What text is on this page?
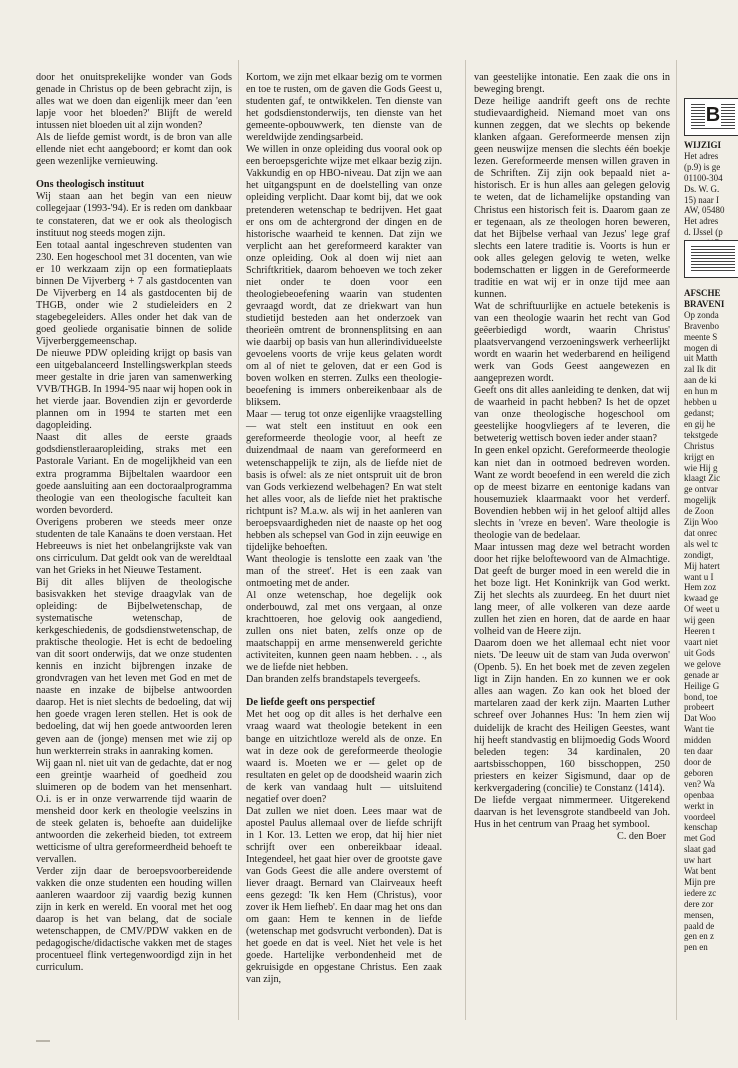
door het onuitsprekelijke wonder van Gods genade in Christus op de been gebracht zijn, is alles wat we doen dan eigenlijk meer dan 'een lapje voor het bloeden?' Blijft de wereld intussen niet bloeden uit al zijn wonden?

Als de liefde gemist wordt, is de bron van alle ellende niet echt aangeboord; er komt dan ook geen wezenlijke vernieuwing.

Ons theologisch instituut

Wij staan aan het begin van een nieuw collegejaar (1993-'94). Er is reden om dankbaar te constateren, dat we er ook als theologisch instituut nog steeds mogen zijn.

Een totaal aantal ingeschreven studenten van 230. Een hogeschool met 31 docenten, van wie er 10 werkzaam zijn op een formatieplaats binnen De Vijverberg + 7 als gastdocenten van De Vijverberg en 14 als gastdocenten bij de THGB, onder wie 2 studieleiders en 2 stagebegeleiders. Alles onder het dak van de goed geoliede organisatie binnen de solide Vijverberggemeenschap.

De nieuwe PDW opleiding krijgt op basis van een uitgebalanceerd Instellingswerkplan steeds meer gestalte in drie jaren van samenwerking VVB/THGB. In 1994-'95 naar wij hopen ook in het vierde jaar. Bovendien zijn er gevorderde plannen om in 1994 te starten met een dagopleiding.

Naast dit alles de eerste graads godsdienstleraaropleiding, straks met een Pastorale Variant. En de mogelijkheid van een extra programma Bijbeltalen waardoor een goede aansluiting aan een doctoraalprogramma theologie van een theologische faculteit kan worden bevorderd.

Overigens proberen we steeds meer onze studenten de tale Kanaäns te doen verstaan. Het Hebreeuws is niet het onbelangrijkste vak van ons cirriculum. Dat geldt ook van de wereldtaal van het Grieks in het Nieuwe Testament.

Bij dit alles blijven de theologische basisvakken het stevige draagvlak van de opleiding: de Bijbelwetenschap, de systematische wetenschap, de kerkgeschiedenis, de godsdienstwetenschap, de praktische theologie. Het is echt de bedoeling van dit soort onderwijs, dat we onze studenten kennis en inzicht bijbrengen inzake de grondvragen van het leven met God en met de naaste en inzake de bijbelse antwoorden daarop. Het is niet slechts de bedoeling, dat wij hen goede vragen leren stellen. Het is ook de bedoeling, dat wij hen goede antwoorden leren geven aan de (jonge) mensen met wie zij op hun werkterrein straks in aanraking komen.

Wij gaan nl. niet uit van de gedachte, dat er nog een greintje waarheid of goedheid zou sluimeren op de bodem van het mensenhart. O.i. is er in onze verwarrende tijd waarin de mensheid door kerk en theologie veelszins in de steek gelaten is, behoefte aan duidelijke antwoorden die zekerheid bieden, tot extreem wetticisme of ultra gereformeerdheid behoeft te vervallen.

Verder zijn daar de beroepsvoorbereidende vakken die onze studenten een houding willen aanleren waardoor zij vaardig bezig kunnen zijn in kerk en wereld. En vooral met het oog daarop is het van belang, dat de sociale wetenschappen, de CMV/PDW vakken en de pedagogische/didactische vakken met de stages procentueel flink vertegenwoordigd zijn in het curriculum.

Kortom, we zijn met elkaar bezig om te vormen en toe te rusten, om de gaven die Gods Geest u, studenten gaf, te ontwikkelen. Ten dienste van het godsdienstonderwijs, ten dienste van het gemeente-opbouwwerk, ten dienste van de wereldwijde zendingsarbeid.

We willen in onze opleiding dus vooral ook op een beroepsgerichte wijze met elkaar bezig zijn. Vakkundig en op HBO-niveau. Dat zijn we aan het uitgangspunt en de doelstelling van onze opleiding verplicht. Daar komt bij, dat we ook pretenderen wetenschap te bedrijven. Het gaat er ons om de achtergrond der dingen en de historische waarheid te kennen. Dat zijn we verplicht aan het gereformeerd karakter van onze opleiding. Ook al doen wij niet aan Schriftkritiek, daarom behoeven we toch zeker niet onder te doen voor een theologiebeoefening waarin van studenten gevraagd wordt, dat ze driekwart van hun studietijd besteden aan het onderzoek van theorieën omtrent de bronnensplitsing en aan wie daarbij op basis van hun allerindividueelste gevoelens voorts de vrije keus gelaten wordt om al of niet te geloven, dat er een God is boven wolken en sterren. Zulks een theologie-beoefening is immers onbereikenbaar als de bliksem.

Maar — terug tot onze eigenlijke vraagstelling — wat stelt een instituut en ook een gereformeerde theologie voor, al heeft ze duizendmaal de naam van gereformeerd en wetenschappelijk te zijn, als de liefde niet de basis is ofwel: als ze niet ontspruit uit de bron van Gods verkiezend welbehagen? En wat stelt het alles voor, als de liefde niet het praktische richtpunt is? M.a.w. als wij in het aanleren van beroepsvaardigheden niet de naaste op het oog hebben als schepsel van God in zijn eeuwige en tijdelijke behoeften.

Want theologie is tenslotte een zaak van 'the man of the street'. Het is een zaak van ontmoeting met de ander.

Al onze wetenschap, hoe degelijk ook onderbouwd, zal met ons vergaan, al onze krachttoeren, hoe gelovig ook aangediend, zullen ons niet baten, zelfs onze op de maatschappij en arme mensenwereld gerichte activiteiten, kunnen geen naam hebben. . ., als we de liefde niet hebben.

Dan branden zelfs brandstapels tevergeefs.

De liefde geeft ons perspectief

Met het oog op dit alles is het derhalve een vraag waard wat theologie betekent in een bange en uitzichtloze wereld als de onze. En wat in deze ook de gereformeerde theologie waard is. Moeten we er — gelet op de resultaten en gelet op de doodsheid waarin zich de kerk van vandaag hult — uitsluitend negatief over doen?

Dat zullen we niet doen. Lees maar wat de apostel Paulus allemaal over de liefde schrijft in 1 Kor. 13. Letten we erop, dat hij hier niet schrijft over een onbereikbaar ideaal. Integendeel, het gaat hier over de grootste gave van Gods Geest die alle andere overstemt of liever draagt. Bernard van Clairveaux heeft eens gezegd: 'Ik ken Hem (Christus), voor zover ik Hem liefheb'. En daar mag het ons dan om gaan: Hem te kennen in de liefde (wetenschap met godsvrucht verbonden). Dat is het goede en dat is veel. Niet het vele is het goede. Hartelijke verbondenheid met de gekruisigde en opgestane Christus. Een zaak van zijn,

van geestelijke intonatie. Een zaak die ons in beweging brengt.

Deze heilige aandrift geeft ons de rechte studievaardigheid. Niemand moet van ons kunnen zeggen, dat we slechts op bekende klanken afgaan. Gereformeerde mensen zijn geen neuswijze mensen die slechts één boekje lezen. Gereformeerde mensen willen graven in de Schriften. Zij zijn ook bepaald niet a-historisch. Er is hun alles aan gelegen gelovig te weten, dat de lichamelijke opstanding van Christus een historisch feit is. Daarom gaan ze er tegenaan, als ze theologen horen beweren, dat het Bijbelse verhaal van Jezus' lege graf slechts een latere traditie is. Voorts is hun er ook alles gelegen gelovig te weten, welke bodemschatten er liggen in de Gereformeerde traditie en wat wij er in onze tijd mee aan kunnen.

Wat de schriftuurlijke en actuele betekenis is van een theologie waarin het recht van God geëerbiedigd wordt, waarin Christus' plaatsvervangend verzoeningswerk verheerlijkt wordt en waarin het wederbarend en heiligend werk van Gods Geest aangewezen en aangeprezen wordt.

Geeft ons dit alles aanleiding te denken, dat wij de waarheid in pacht hebben? Is het de opzet van onze theologische hogeschool om geestelijke hoogvliegers af te leveren, die betweterig wettisch boven ieder ander staan?

In geen enkel opzicht. Gereformeerde theologie kan niet dan in ootmoed bedreven worden. Want ze wordt beoefend in een wereld die zich op de meest bizarre en eentonige kadans van housemuziek klaarmaakt voor het verderf. Bovendien hebben wij in het geloof altijd alles slechts in 'vreze en beven'. Ware theologie is theologie van de bedelaar.

Maar intussen mag deze wel betracht worden door het rijke beloftewoord van de Almachtige. Dat geeft de burger moed in een wereld die in het boze ligt. Het Koninkrijk van God werkt. Zij het slechts als zuurdeeg. En het duurt niet lang meer, of alle volkeren van deze aarde zullen het zien en horen, dat de aarde en haar volheid van de Heere zijn.

Daarom doen we het allemaal echt niet voor niets. 'De leeuw uit de stam van Juda overwon' (Openb. 5). En het boek met de zeven zegelen ligt in Zijn handen. En zo kunnen we er ook alles aan wagen. Zo kan ook het bloed der martelaren zaad der kerk zijn. Maarten Luther schreef over Johannes Hus: 'In hem zien wij duidelijk de kracht des Heiligen Geestes, want hij heeft standvastig en blijmoedig Gods Woord beleden tegen: 34 kardinalen, 20 aartsbisschoppen, 160 bisschoppen, 250 priesters en keizer Sigismund, daar op de kerkvergadering (concilie) te Constanz (1414).

De liefde vergaat nimmermeer. Uitgerekend daarvan is het levensgrote standbeeld van Joh. Hus in het centrum van Praag het symbool.

C. den Boer

B

WIJZIGI

Het adres

(p.9) is ge

01100-304

Ds. W. G.

15) naar I

AW, 05480

Het adres

d. IJssel (p

AFSCHE

BRAVENI

Op zonda

Bravenbo

meente S

mogen di

uit Matth

zal Ik dit

aan de ki

en hun m

hebben u

gedanst;

en gij he

tekstgede

Christus

krijgt en

wie Hij g

klaagt Zic

ge ontvar

mogelijk

de Zoon

Zijn Woo

dat onrec

als wel tc

zondigt,

Mij hatert

want u I

Hem zoz

kwaad ge

Of weet u

wij geen

Heeren t

vaart niet

uit Gods

we gelove

genade ar

Heilige G

bond, toe

probeert

Dat Woo

Want tie

midden

ten daar

door de

geboren

ven? Wa

openbaa

werkt in

voordeel

kenschap

met God

slaat gad

uw hart

Wat bent

Mijn pre

iedere zc

dere zor

mensen,

paald de

gen en z

pen en
